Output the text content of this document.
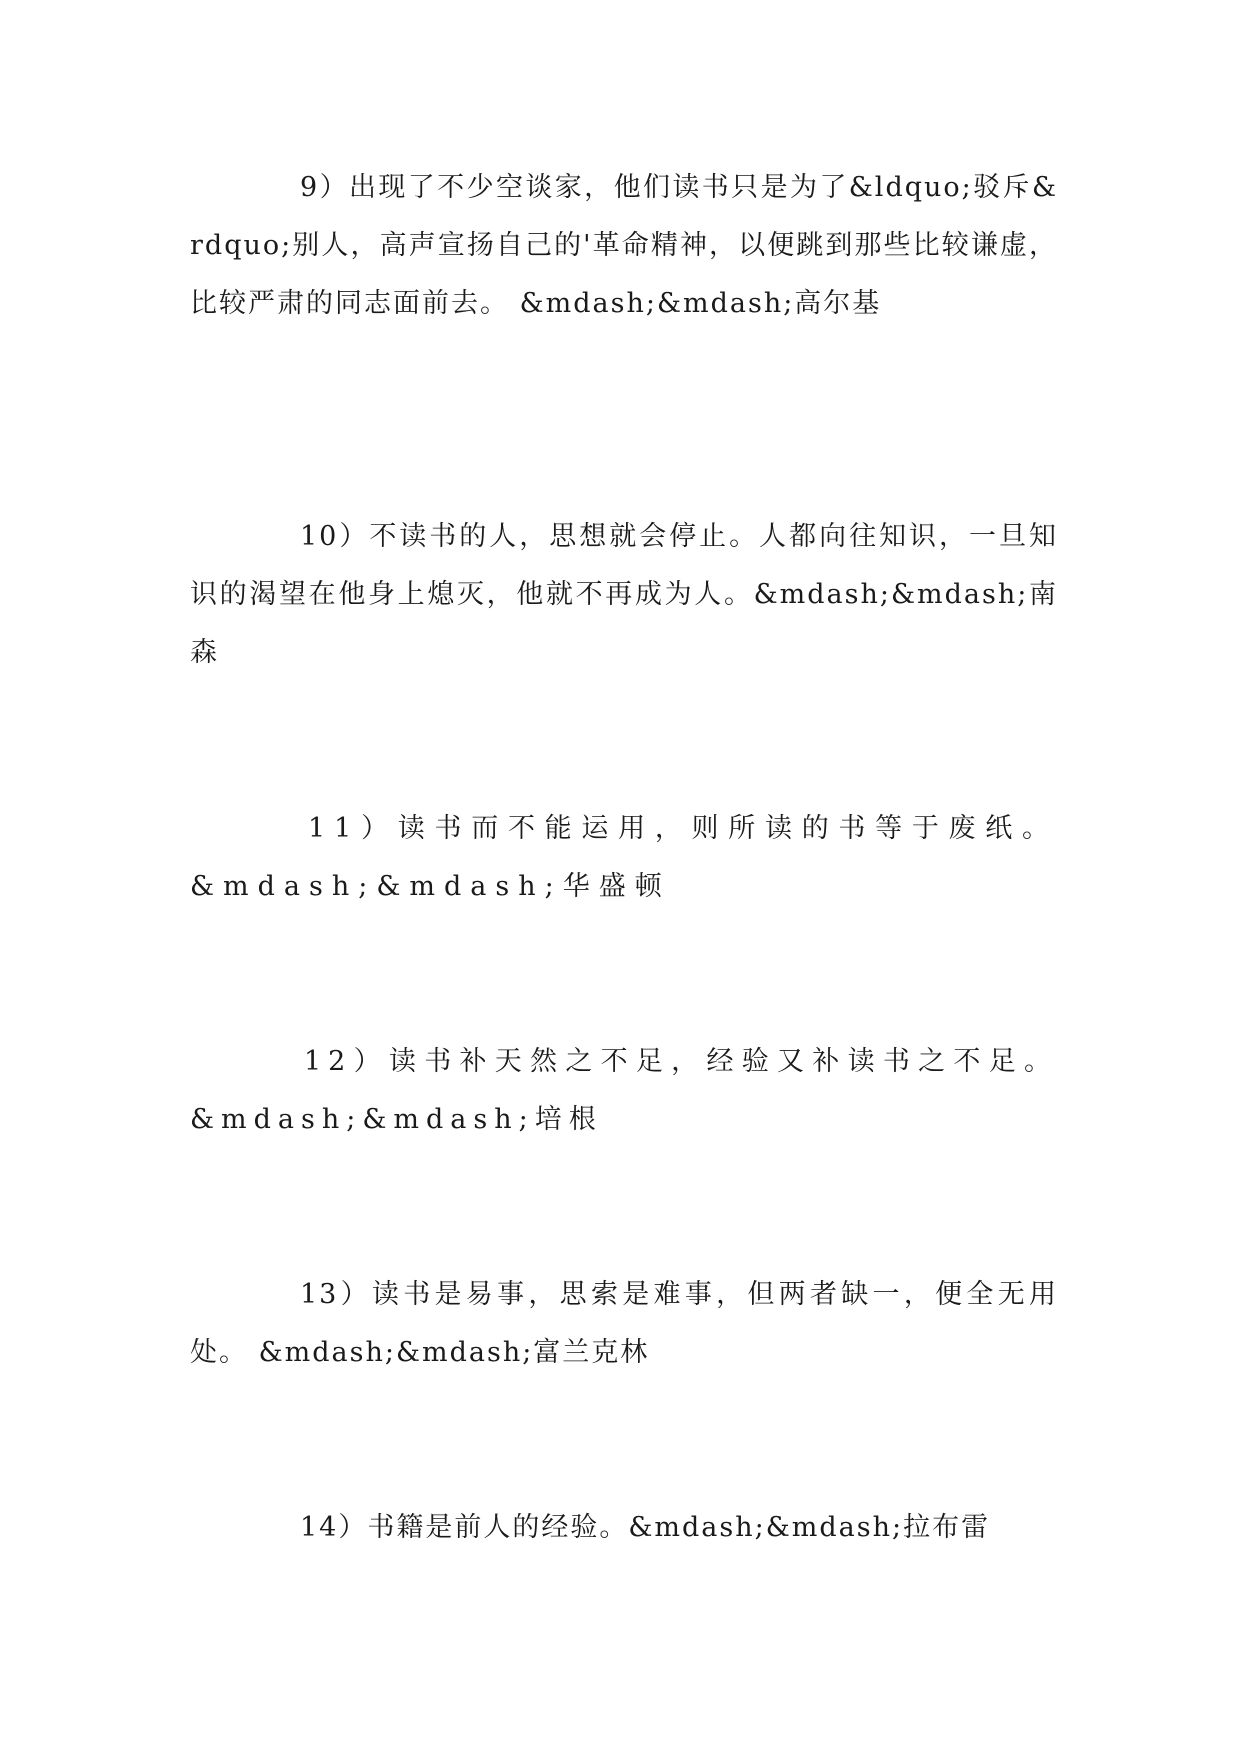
9）出现了不少空谈家，他们读书只是为了&ldquo;驳斥&rdquo;别人，高声宣扬自己的'革命精神，以便跳到那些比较谦虚，比较严肃的同志面前去。 &mdash;&mdash;高尔基

10）不读书的人，思想就会停止。人都向往知识，一旦知识的渴望在他身上熄灭，他就不再成为人。&mdash;&mdash;南森

11）读书而不能运用，则所读的书等于废纸。&mdash;&mdash;华盛顿

12）读书补天然之不足，经验又补读书之不足。&mdash;&mdash;培根

13）读书是易事，思索是难事，但两者缺一，便全无用处。 &mdash;&mdash;富兰克林

14）书籍是前人的经验。&mdash;&mdash;拉布雷
